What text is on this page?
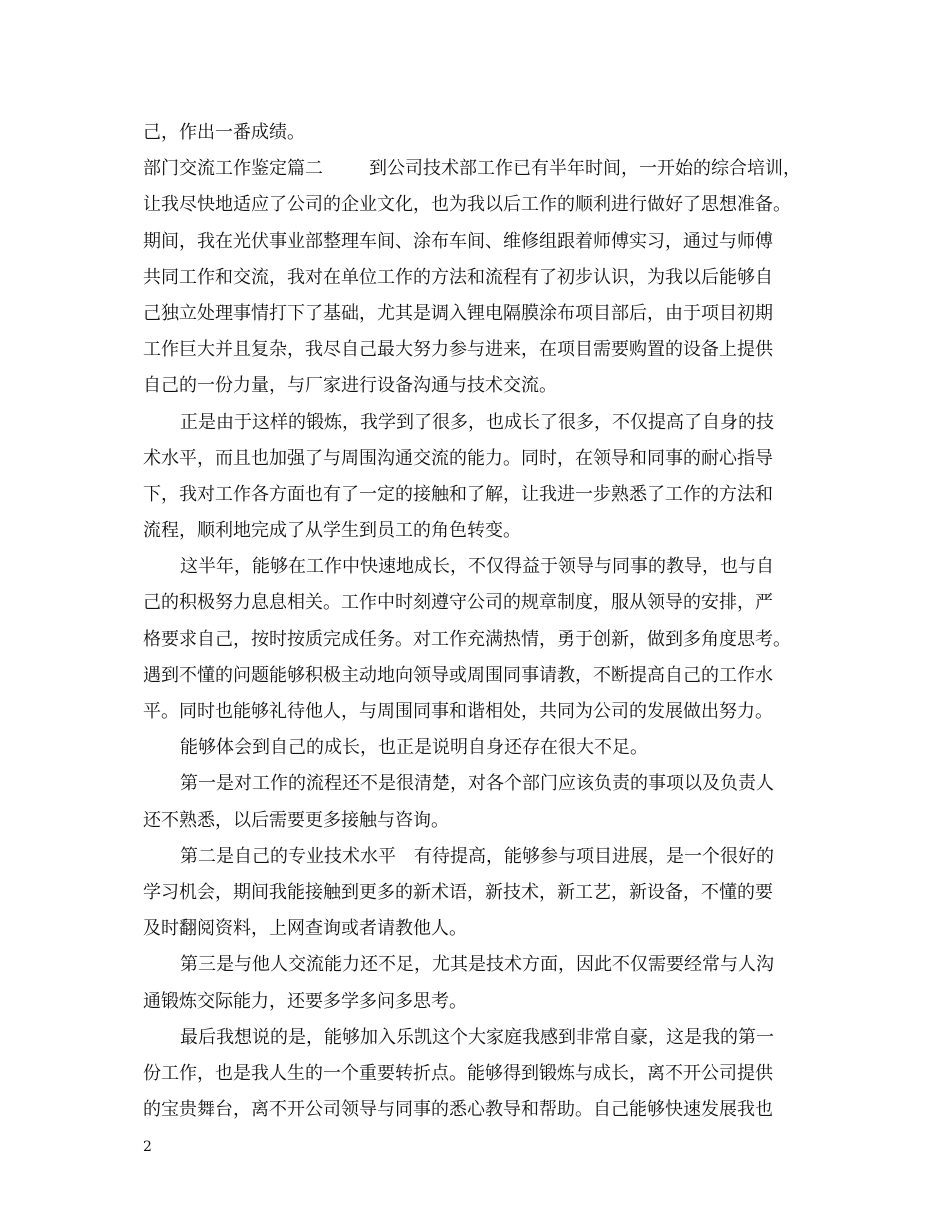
己，作出一番成绩。
部门交流工作鉴定篇二	到公司技术部工作已有半年时间，一开始的综合培训，
让我尽快地适应了公司的企业文化，也为我以后工作的顺利进行做好了思想准备。
期间，我在光伏事业部整理车间、涂布车间、维修组跟着师傅实习，通过与师傅
共同工作和交流，我对在单位工作的方法和流程有了初步认识，为我以后能够自
己独立处理事情打下了基础，尤其是调入锂电隔膜涂布项目部后，由于项目初期
工作巨大并且复杂，我尽自己最大努力参与进来，在项目需要购置的设备上提供
自己的一份力量，与厂家进行设备沟通与技术交流。
正是由于这样的锻炼，我学到了很多，也成长了很多，不仅提高了自身的技
术水平，而且也加强了与周围沟通交流的能力。同时，在领导和同事的耐心指导
下，我对工作各方面也有了一定的接触和了解，让我进一步熟悉了工作的方法和
流程，顺利地完成了从学生到员工的角色转变。
这半年，能够在工作中快速地成长，不仅得益于领导与同事的教导，也与自
己的积极努力息息相关。工作中时刻遵守公司的规章制度，服从领导的安排，严
格要求自己，按时按质完成任务。对工作充满热情，勇于创新，做到多角度思考。
遇到不懂的问题能够积极主动地向领导或周围同事请教，不断提高自己的工作水
平。同时也能够礼待他人，与周围同事和谐相处，共同为公司的发展做出努力。
能够体会到自己的成长，也正是说明自身还存在很大不足。
第一是对工作的流程还不是很清楚，对各个部门应该负责的事项以及负责人
还不熟悉，以后需要更多接触与咨询。
第二是自己的专业技术水平　有待提高，能够参与项目进展，是一个很好的
学习机会，期间我能接触到更多的新术语，新技术，新工艺，新设备，不懂的要
及时翻阅资料，上网查询或者请教他人。
第三是与他人交流能力还不足，尤其是技术方面，因此不仅需要经常与人沟
通锻炼交际能力，还要多学多问多思考。
最后我想说的是，能够加入乐凯这个大家庭我感到非常自豪，这是我的第一
份工作，也是我人生的一个重要转折点。能够得到锻炼与成长，离不开公司提供
的宝贵舞台，离不开公司领导与同事的悉心教导和帮助。自己能够快速发展我也
2
